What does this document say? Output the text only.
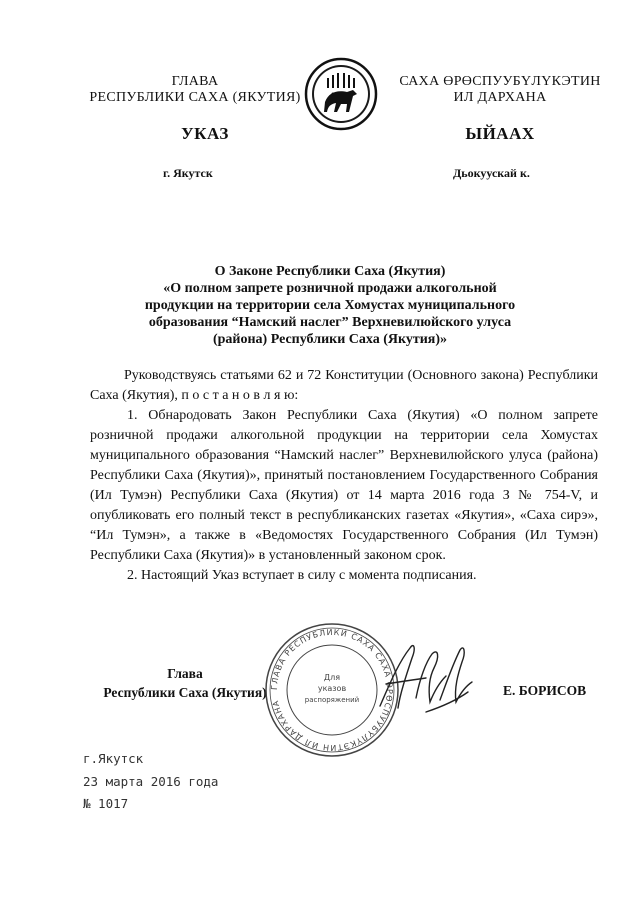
ГЛАВА
РЕСПУБЛИКИ САХА (ЯКУТИЯ)
САХА ӨРӨСПУУБҮЛҮКЭТИН
ИЛ ДАРХАНА
УКАЗ	ЫЙААХ
г. Якутск	Дьокуускай к.
О Законе Республики Саха (Якутия)
«О полном запрете розничной продажи алкогольной
продукции на территории села Хомустах муниципального
образования “Намский наслег” Верхневилюйского улуса
(района) Республики Саха (Якутия)»

Руководствуясь статьями 62 и 72 Конституции (Основного закона) Республики Саха (Якутия), п о с т а н о в л я ю:

1. Обнародовать Закон Республики Саха (Якутия) «О полном запрете розничной продажи алкогольной продукции на территории села Хомустах муниципального образования “Намский наслег” Верхневилюйского улуса (района) Республики Саха (Якутия)», принятый постановлением Государственного Собрания (Ил Тумэн) Республики Саха (Якутия) от 14 марта 2016 года З № 754-V, и опубликовать его полный текст в республиканских газетах «Якутия», «Саха сирэ», “Ил Тумэн», а также в «Ведомостях Государственного Собрания (Ил Тумэн) Республики Саха (Якутия)» в установленный законом срок.

2. Настоящий Указ вступает в силу с момента подписания.

Глава
Республики Саха (Якутия) ГЛАВА РЕСПУБЛИКИ САХА САХА ӨРӨСПУУБҮЛҮКЭТИН ИЛ ДАРХАНА
Для
указов
распоряжений
Е. БОРИСОВ
г.Якутск
23 марта 2016 года
№ 1017
